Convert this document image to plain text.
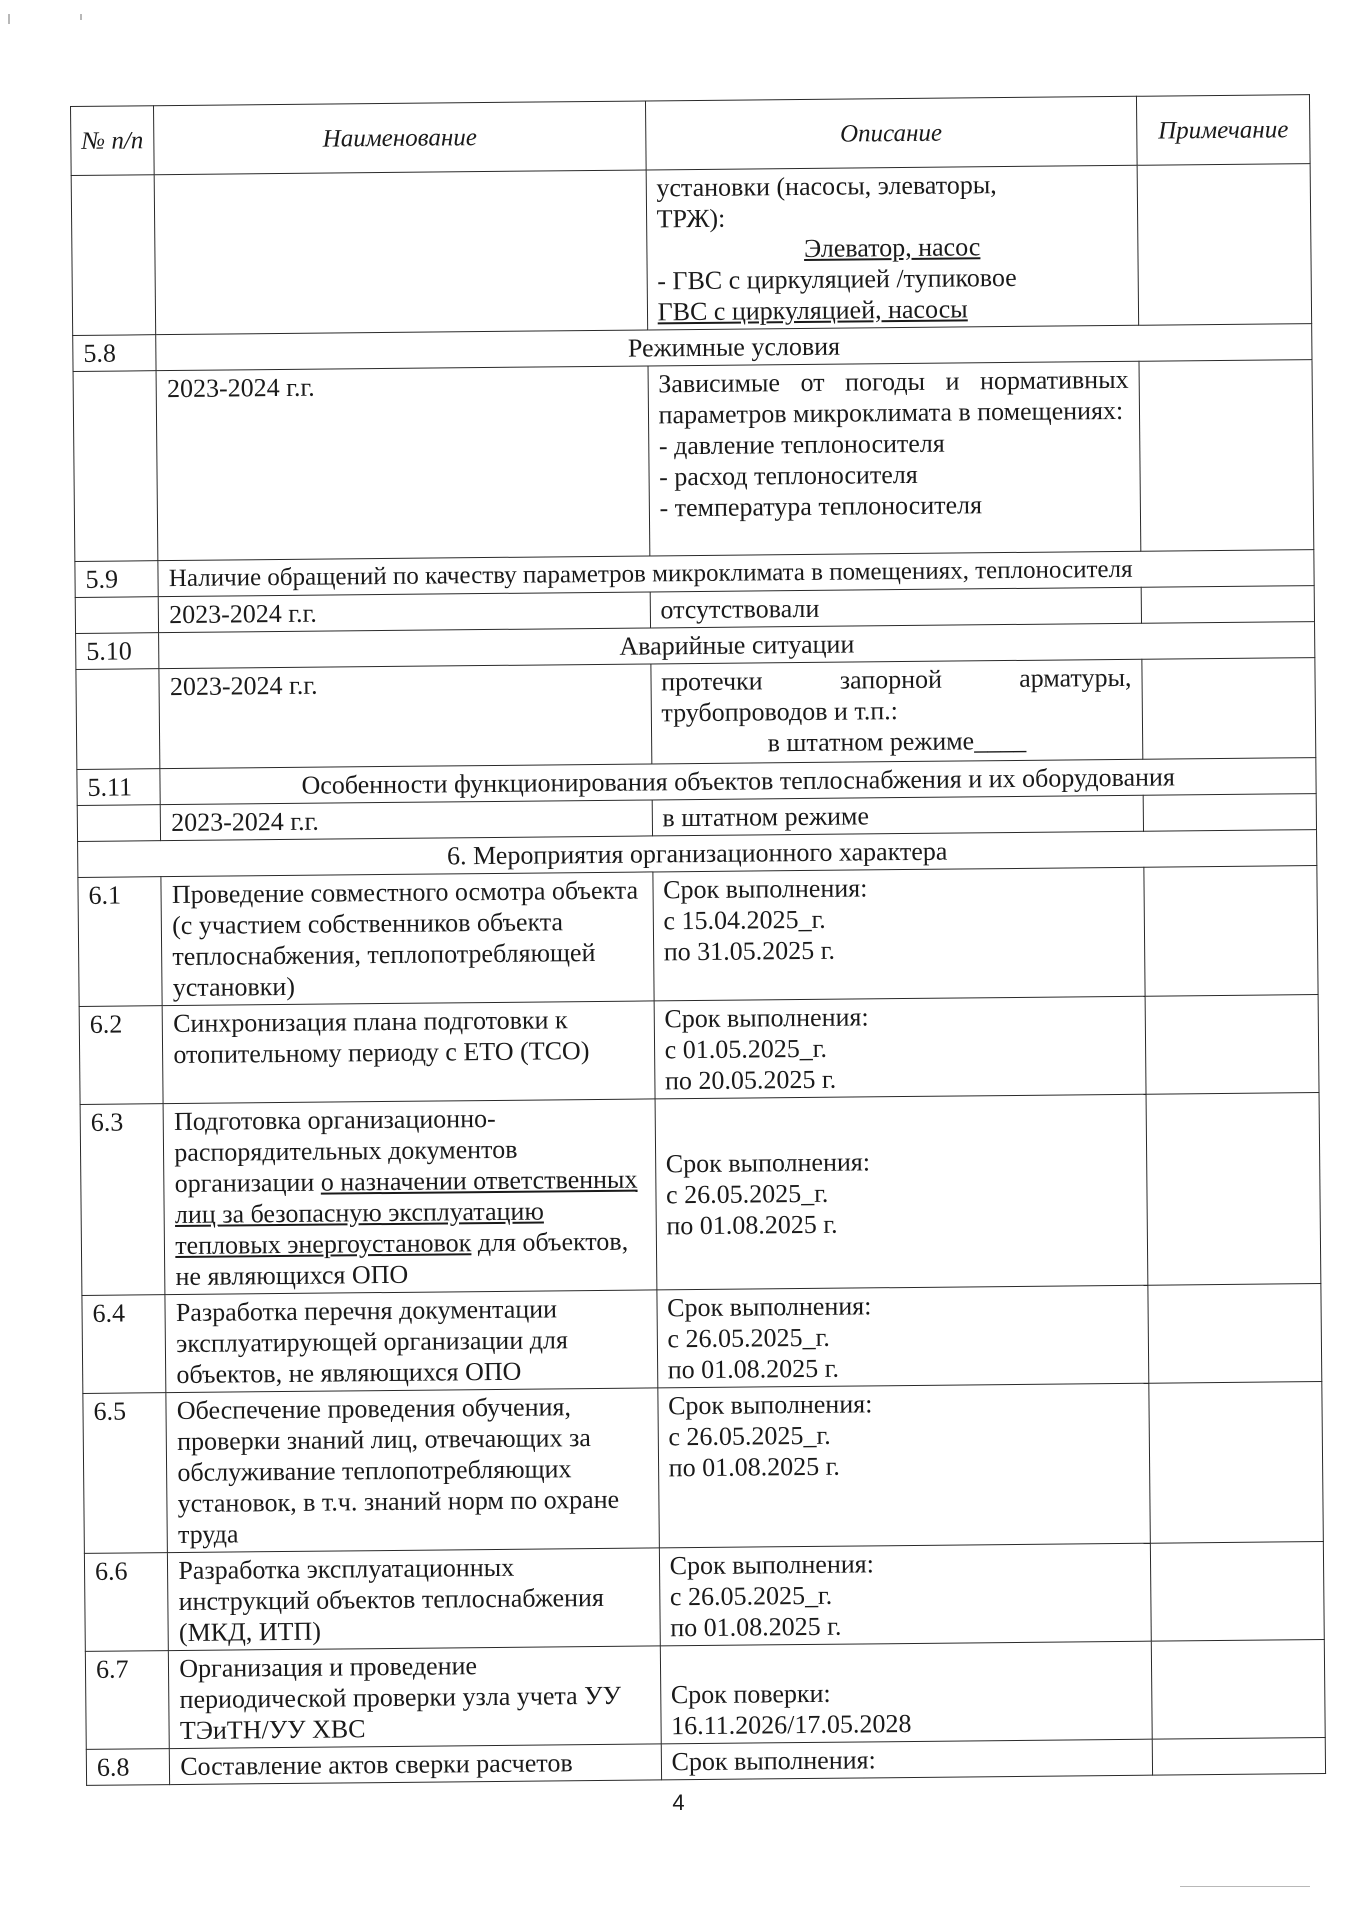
№ п/п	Наименование	Описание	Примечание

		установки (насосы, элеваторы,
ТРЖ):
Элеватор, насос
- ГВС с циркуляцией /тупиковое
ГВС с циркуляцией, насосы	

5.8	Режимные условия		
	2023-2024 г.г.	Зависимые от погоды и нормативных параметров микроклимата в помещениях:
- давление теплоносителя
- расход теплоносителя
- температура теплоносителя	

5.9	Наличие обращений по качеству параметров микроклимата в помещениях, теплоносителя		
	2023-2024 г.г.	отсутствовали	
5.10	Аварийные ситуации		
	2023-2024 г.г.	протечки запорной арматуры, трубопроводов и т.п.:
в штатном режиме____	

5.11	Особенности функционирования объектов теплоснабжения и их оборудования		
	2023-2024 г.г.	в штатном режиме	
6. Мероприятия организационного характера			
6.1	Проведение совместного осмотра объекта (с участием собственников объекта теплоснабжения, теплопотребляющей установки)	Срок выполнения:
с 15.04.2025_г.
по 31.05.2025 г.	

6.2	Синхронизация плана подготовки к отопительному периоду с ЕТО (ТСО)	Срок выполнения:
с 01.05.2025_г.
по 20.05.2025 г.	

6.3	Подготовка организационно-распорядительных документов организации о назначении ответственных лиц за безопасную эксплуатацию тепловых энергоустановок для объектов, не являющихся ОПО	Срок выполнения:
с 26.05.2025_г.
по 01.08.2025 г.	

6.4	Разработка перечня документации эксплуатирующей организации для объектов, не являющихся ОПО	Срок выполнения:
с 26.05.2025_г.
по 01.08.2025 г.	

6.5	Обеспечение проведения обучения, проверки знаний лиц, отвечающих за обслуживание теплопотребляющих установок, в т.ч. знаний норм по охране труда	Срок выполнения:
с 26.05.2025_г.
по 01.08.2025 г.	

6.6	Разработка эксплуатационных инструкций объектов теплоснабжения (МКД, ИТП)	Срок выполнения:
с 26.05.2025_г.
по 01.08.2025 г.	

6.7	Организация и проведение периодической проверки узла учета УУ ТЭиТН/УУ ХВС	Срок поверки:
16.11.2026/17.05.2028	

6.8	Составление актов сверки расчетов	Срок выполнения:	
4
